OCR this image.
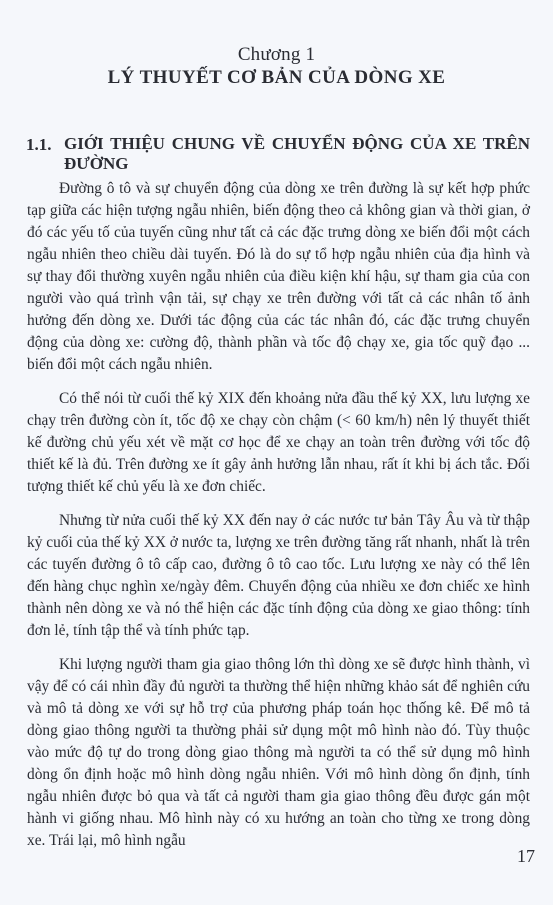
Chương 1
LÝ THUYẾT CƠ BẢN CỦA DÒNG XE
1.1. GIỚI THIỆU CHUNG VỀ CHUYỂN ĐỘNG CỦA XE TRÊN ĐƯỜNG

Đường ô tô và sự chuyển động của dòng xe trên đường là sự kết hợp phức tạp giữa các hiện tượng ngẫu nhiên, biến động theo cả không gian và thời gian, ở đó các yếu tố của tuyến cũng như tất cả các đặc trưng dòng xe biến đổi một cách ngẫu nhiên theo chiều dài tuyến. Đó là do sự tổ hợp ngẫu nhiên của địa hình và sự thay đổi thường xuyên ngẫu nhiên của điều kiện khí hậu, sự tham gia của con người vào quá trình vận tải, sự chạy xe trên đường với tất cả các nhân tố ảnh hưởng đến dòng xe. Dưới tác động của các tác nhân đó, các đặc trưng chuyển động của dòng xe: cường độ, thành phần và tốc độ chạy xe, gia tốc quỹ đạo ... biến đổi một cách ngẫu nhiên.

Có thể nói từ cuối thế kỷ XIX đến khoảng nửa đầu thế kỷ XX, lưu lượng xe chạy trên đường còn ít, tốc độ xe chạy còn chậm (< 60 km/h) nên lý thuyết thiết kế đường chủ yếu xét về mặt cơ học để xe chạy an toàn trên đường với tốc độ thiết kế là đủ. Trên đường xe ít gây ảnh hưởng lẫn nhau, rất ít khi bị ách tắc. Đối tượng thiết kế chủ yếu là xe đơn chiếc.

Nhưng từ nửa cuối thế kỷ XX đến nay ở các nước tư bản Tây Âu và từ thập kỷ cuối của thế kỷ XX ở nước ta, lượng xe trên đường tăng rất nhanh, nhất là trên các tuyến đường ô tô cấp cao, đường ô tô cao tốc. Lưu lượng xe này có thể lên đến hàng chục nghìn xe/ngày đêm. Chuyển động của nhiều xe đơn chiếc xe hình thành nên dòng xe và nó thể hiện các đặc tính động của dòng xe giao thông: tính đơn lẻ, tính tập thể và tính phức tạp.

Khi lượng người tham gia giao thông lớn thì dòng xe sẽ được hình thành, vì vậy để có cái nhìn đầy đủ người ta thường thể hiện những khảo sát để nghiên cứu và mô tả dòng xe với sự hỗ trợ của phương pháp toán học thống kê. Để mô tả dòng giao thông người ta thường phải sử dụng một mô hình nào đó. Tùy thuộc vào mức độ tự do trong dòng giao thông mà người ta có thể sử dụng mô hình dòng ổn định hoặc mô hình dòng ngẫu nhiên. Với mô hình dòng ổn định, tính ngẫu nhiên được bỏ qua và tất cả người tham gia giao thông đều được gán một hành vi giống nhau. Mô hình này có xu hướng an toàn cho từng xe trong dòng xe. Trái lại, mô hình ngẫu

17
